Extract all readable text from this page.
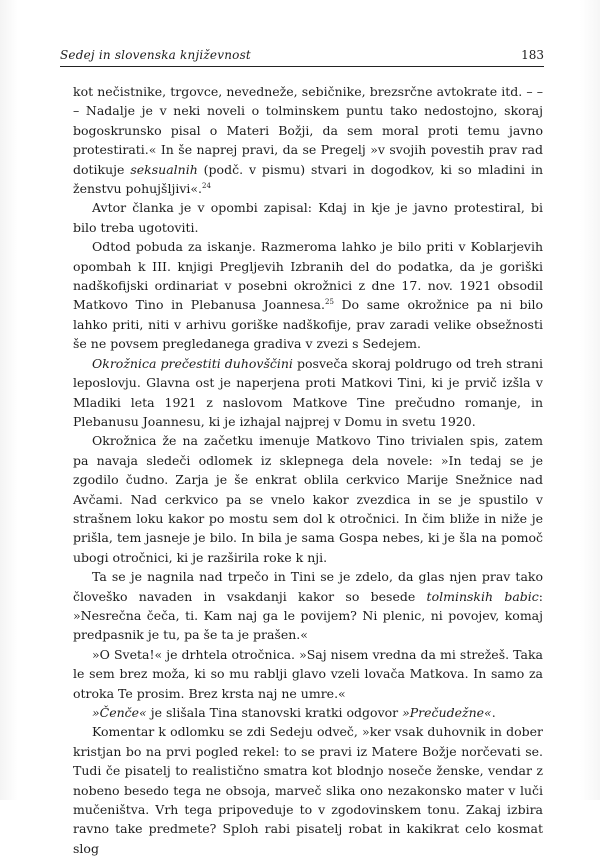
Sedej in slovenska književnost	183

kot nečistnike, trgovce, nevedneže, sebičnike, brezsrčne avtokrate itd. – – – Nadalje je v neki noveli o tolminskem puntu tako nedostojno, skoraj bogoskrunsko pisal o Materi Božji, da sem moral proti temu javno protestirati.« In še naprej pravi, da se Pregelj »v svojih povestih prav rad dotikuje seksualnih (podč. v pismu) stvari in dogodkov, ki so mladini in ženstvu pohujšljivi«.$^{24}$

Avtor članka je v opombi zapisal: Kdaj in kje je javno protestiral, bi bilo treba ugotoviti.

Odtod pobuda za iskanje. Razmeroma lahko je bilo priti v Koblarjevih opombah k III. knjigi Pregljevih Izbranih del do podatka, da je goriški nadškofijski ordinariat v posebni okrožnici z dne 17. nov. 1921 obsodil Matkovo Tino in Plebanusa Joannesa.$^{25}$ Do same okrožnice pa ni bilo lahko priti, niti v arhivu goriške nadškofije, prav zaradi velike obsežnosti še ne povsem pregledanega gradiva v zvezi s Sedejem.

Okrožnica prečestiti duhovščini posveča skoraj poldrugo od treh strani leposlovju. Glavna ost je naperjena proti Matkovi Tini, ki je prvič izšla v Mladiki leta 1921 z naslovom Matkove Tine prečudno romanje, in Plebanusu Joannesu, ki je izhajal najprej v Domu in svetu 1920.

Okrožnica že na začetku imenuje Matkovo Tino trivialen spis, zatem pa navaja sledeči odlomek iz sklepnega dela novele: »In tedaj se je zgodilo čudno. Zarja je še enkrat oblila cerkvico Marije Snežnice nad Avčami. Nad cerkvico pa se vnelo kakor zvezdica in se je spustilo v strašnem loku kakor po mostu sem dol k otročnici. In čim bliže in niže je prišla, tem jasneje je bilo. In bila je sama Gospa nebes, ki je šla na pomoč ubogi otročnici, ki je razširila roke k nji.

Ta se je nagnila nad trpečo in Tini se je zdelo, da glas njen prav tako človeško navaden in vsakdanji kakor so besede tolminskih babic: »Nesrečna čeča, ti. Kam naj ga le povijem? Ni plenic, ni povojev, komaj predpasnik je tu, pa še ta je prašen.«

»O Sveta!« je drhtela otročnica. »Saj nisem vredna da mi strežeš. Taka le sem brez moža, ki so mu rablji glavo vzeli lovača Matkova. In samo za otroka Te prosim. Brez krsta naj ne umre.«

»Čenče« je slišala Tina stanovski kratki odgovor »Prečudežne«.

Komentar k odlomku se zdi Sedeju odveč, »ker vsak duhovnik in dober kristjan bo na prvi pogled rekel: to se pravi iz Matere Božje norčevati se. Tudi če pisatelj to realistično smatra kot blodnjo noseče ženske, vendar z nobeno besedo tega ne obsoja, marveč slika ono nezakonsko mater v luči mučeništva. Vrh tega pripoveduje to v zgodovinskem tonu. Zakaj izbira ravno take predmete? Sploh rabi pisatelj robat in kakikrat celo kosmat slog
